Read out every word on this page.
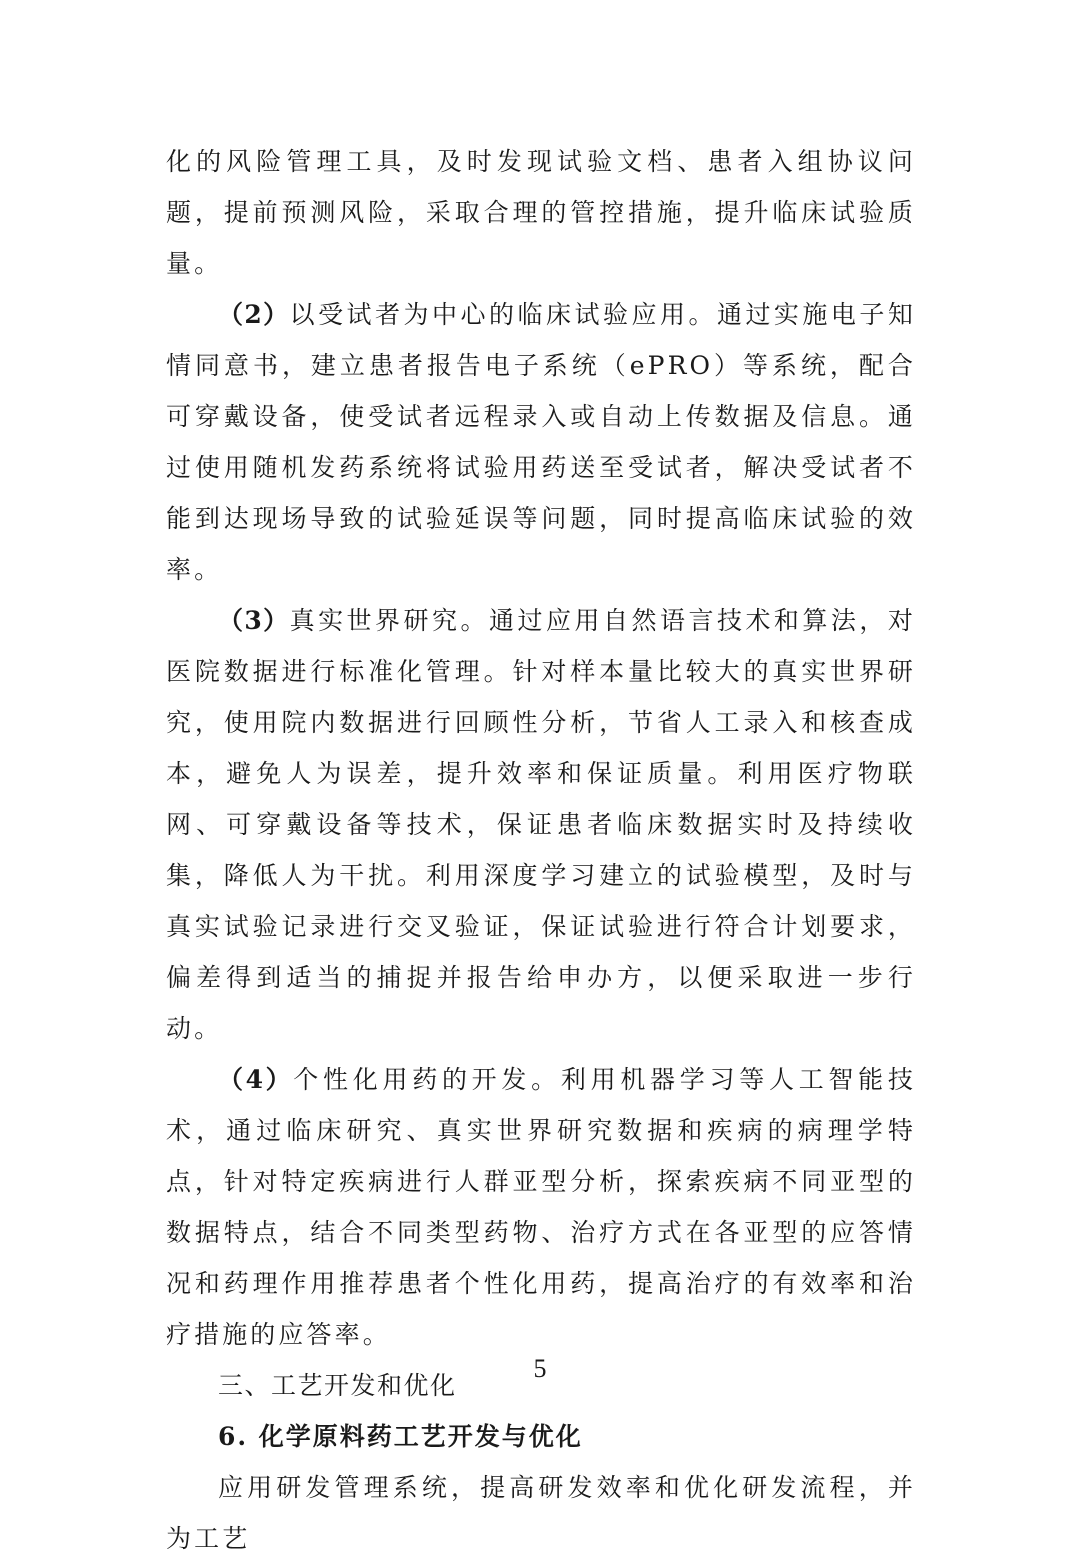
化的风险管理工具，及时发现试验文档、患者入组协议问题，提前预测风险，采取合理的管控措施，提升临床试验质量。

（2）以受试者为中心的临床试验应用。通过实施电子知情同意书，建立患者报告电子系统（ePRO）等系统，配合可穿戴设备，使受试者远程录入或自动上传数据及信息。通过使用随机发药系统将试验用药送至受试者，解决受试者不能到达现场导致的试验延误等问题，同时提高临床试验的效率。

（3）真实世界研究。通过应用自然语言技术和算法，对医院数据进行标准化管理。针对样本量比较大的真实世界研究，使用院内数据进行回顾性分析，节省人工录入和核查成本，避免人为误差，提升效率和保证质量。利用医疗物联网、可穿戴设备等技术，保证患者临床数据实时及持续收集，降低人为干扰。利用深度学习建立的试验模型，及时与真实试验记录进行交叉验证，保证试验进行符合计划要求，偏差得到适当的捕捉并报告给申办方，以便采取进一步行动。

（4）个性化用药的开发。利用机器学习等人工智能技术，通过临床研究、真实世界研究数据和疾病的病理学特点，针对特定疾病进行人群亚型分析，探索疾病不同亚型的数据特点，结合不同类型药物、治疗方式在各亚型的应答情况和药理作用推荐患者个性化用药，提高治疗的有效率和治疗措施的应答率。

三、工艺开发和优化

6. 化学原料药工艺开发与优化

应用研发管理系统，提高研发效率和优化研发流程，并为工艺

5
